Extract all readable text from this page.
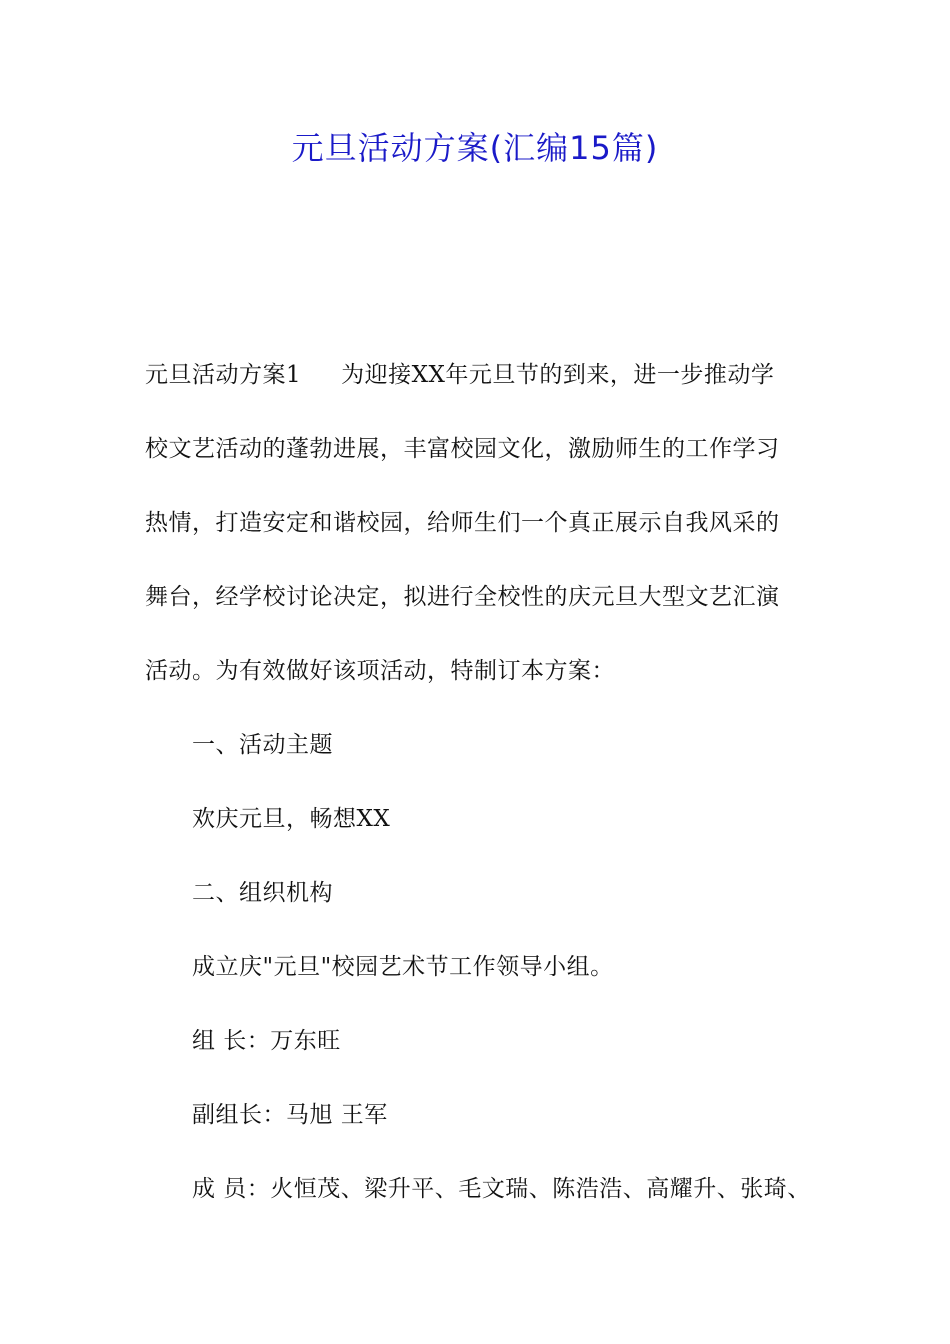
元旦活动方案(汇编15篇)
元旦活动方案1 为迎接XX年元旦节的到来，进一步推动学
校文艺活动的蓬勃进展，丰富校园文化，激励师生的工作学习
热情，打造安定和谐校园，给师生们一个真正展示自我风采的
舞台，经学校讨论决定，拟进行全校性的庆元旦大型文艺汇演
活动。为有效做好该项活动，特制订本方案：
一、活动主题
欢庆元旦，畅想XX
二、组织机构
成立庆"元旦"校园艺术节工作领导小组。
组 长：万东旺
副组长：马旭 王军
成 员：火恒茂、梁升平、毛文瑞、陈浩浩、高耀升、张琦、
